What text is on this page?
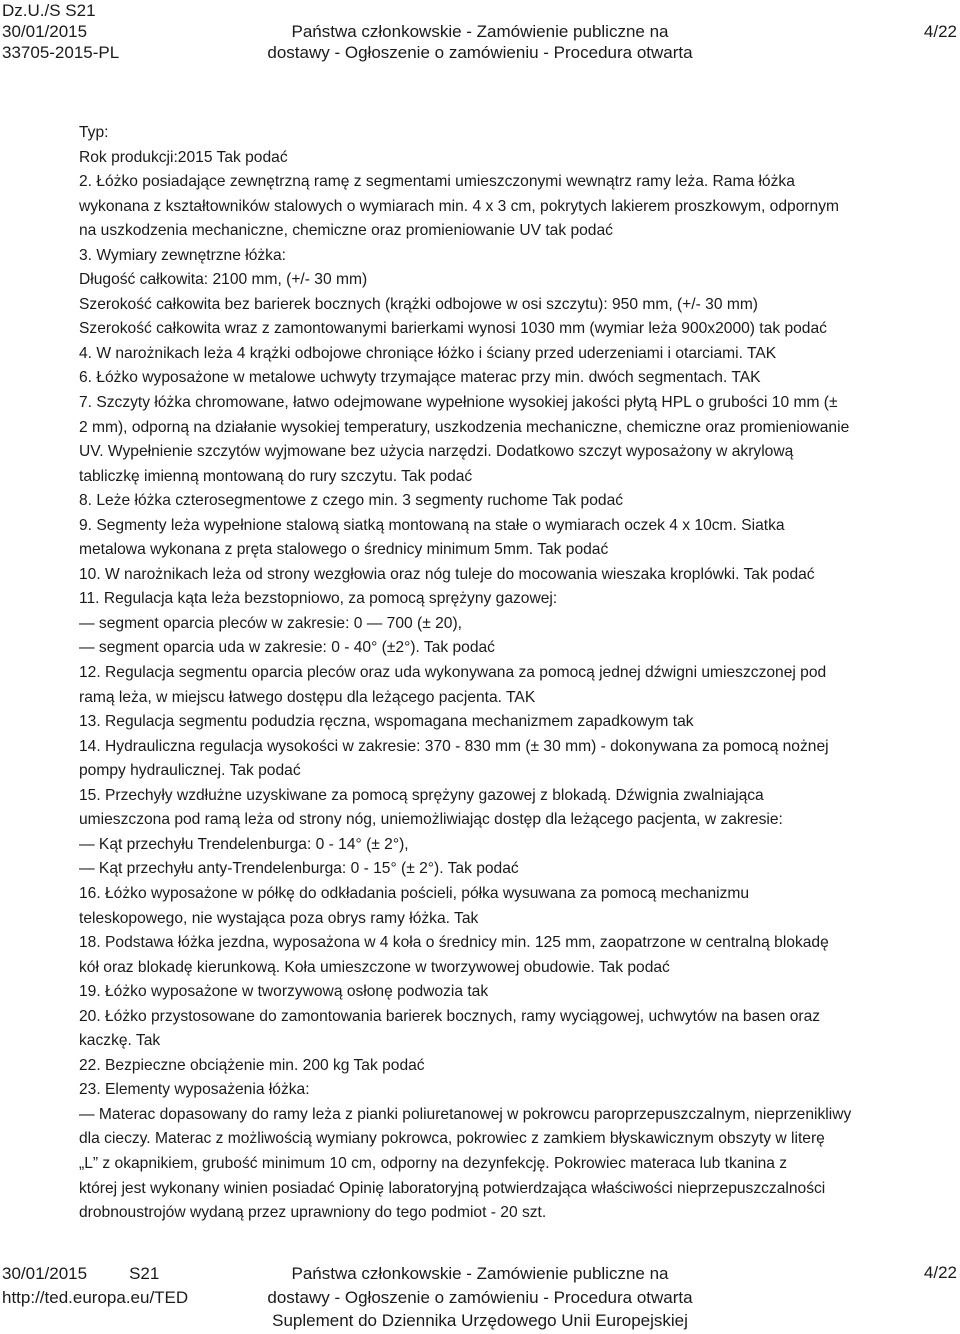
Dz.U./S S21
30/01/2015
33705-2015-PL
Państwa członkowskie - Zamówienie publiczne na
dostawy - Ogłoszenie o zamówieniu - Procedura otwarta
4/22
Typ:
Rok produkcji:2015 Tak podać
2. Łóżko posiadające zewnętrzną ramę z segmentami umieszczonymi wewnątrz ramy leża. Rama łóżka
wykonana z kształtowników stalowych o wymiarach min. 4 x 3 cm, pokrytych lakierem proszkowym, odpornym
na uszkodzenia mechaniczne, chemiczne oraz promieniowanie UV tak podać
3. Wymiary zewnętrzne łóżka:
Długość całkowita: 2100 mm, (+/- 30 mm)
Szerokość całkowita bez barierek bocznych (krążki odbojowe w osi szczytu): 950 mm, (+/- 30 mm)
Szerokość całkowita wraz z zamontowanymi barierkami wynosi 1030 mm (wymiar leża 900x2000) tak podać
4. W narożnikach leża 4 krążki odbojowe chroniące łóżko i ściany przed uderzeniami i otarciami. TAK
6. Łóżko wyposażone w metalowe uchwyty trzymające materac przy min. dwóch segmentach. TAK
7. Szczyty łóżka chromowane, łatwo odejmowane wypełnione wysokiej jakości płytą HPL o grubości 10 mm (±
2 mm), odporną na działanie wysokiej temperatury, uszkodzenia mechaniczne, chemiczne oraz promieniowanie
UV. Wypełnienie szczytów wyjmowane bez użycia narzędzi. Dodatkowo szczyt wyposażony w akrylową
tabliczkę imienną montowaną do rury szczytu. Tak podać
8. Leże łóżka czterosegmentowe z czego min. 3 segmenty ruchome Tak podać
9. Segmenty leża wypełnione stalową siatką montowaną na stałe o wymiarach oczek 4 x 10cm. Siatka
metalowa wykonana z pręta stalowego o średnicy minimum 5mm. Tak podać
10. W narożnikach leża od strony wezgłowia oraz nóg tuleje do mocowania wieszaka kroplówki. Tak podać
11. Regulacja kąta leża bezstopniowo, za pomocą sprężyny gazowej:
— segment oparcia pleców w zakresie: 0 — 700 (± 20),
— segment oparcia uda w zakresie: 0 - 40° (±2°). Tak podać
12. Regulacja segmentu oparcia pleców oraz uda wykonywana za pomocą jednej dźwigni umieszczonej pod
ramą leża, w miejscu łatwego dostępu dla leżącego pacjenta. TAK
13. Regulacja segmentu podudzia ręczna, wspomagana mechanizmem zapadkowym tak
14. Hydrauliczna regulacja wysokości w zakresie: 370 - 830 mm (± 30 mm) - dokonywana za pomocą nożnej
pompy hydraulicznej. Tak podać
15. Przechyły wzdłużne uzyskiwane za pomocą sprężyny gazowej z blokadą. Dźwignia zwalniająca
umieszczona pod ramą leża od strony nóg, uniemożliwiając dostęp dla leżącego pacjenta, w zakresie:
— Kąt przechyłu Trendelenburga: 0 - 14° (± 2°),
— Kąt przechyłu anty-Trendelenburga: 0 - 15° (± 2°). Tak podać
16. Łóżko wyposażone w półkę do odkładania pościeli, półka wysuwana za pomocą mechanizmu
teleskopowego, nie wystająca poza obrys ramy łóżka. Tak
18. Podstawa łóżka jezdna, wyposażona w 4 koła o średnicy min. 125 mm, zaopatrzone w centralną blokadę
kół oraz blokadę kierunkową. Koła umieszczone w tworzywowej obudowie. Tak podać
19. Łóżko wyposażone w tworzywową osłonę podwozia tak
20. Łóżko przystosowane do zamontowania barierek bocznych, ramy wyciągowej, uchwytów na basen oraz
kaczkę. Tak
22. Bezpieczne obciążenie min. 200 kg Tak podać
23. Elementy wyposażenia łóżka:
— Materac dopasowany do ramy leża z pianki poliuretanowej w pokrowcu paroprzepuszczalnym, nieprzenikliwy
dla cieczy. Materac z możliwością wymiany pokrowca, pokrowiec z zamkiem błyskawicznym obszyty w literę
„L” z okapnikiem, grubość minimum 10 cm, odporny na dezynfekcję. Pokrowiec materaca lub tkanina z
której jest wykonany winien posiadać Opinię laboratoryjną potwierdzająca właściwości nieprzepuszczalności
drobnoustrojów wydaną przez uprawniony do tego podmiot - 20 szt.
30/01/2015 S21
http://ted.europa.eu/TED
Państwa członkowskie - Zamówienie publiczne na
dostawy - Ogłoszenie o zamówieniu - Procedura otwarta
Suplement do Dziennika Urzędowego Unii Europejskiej
4/22
